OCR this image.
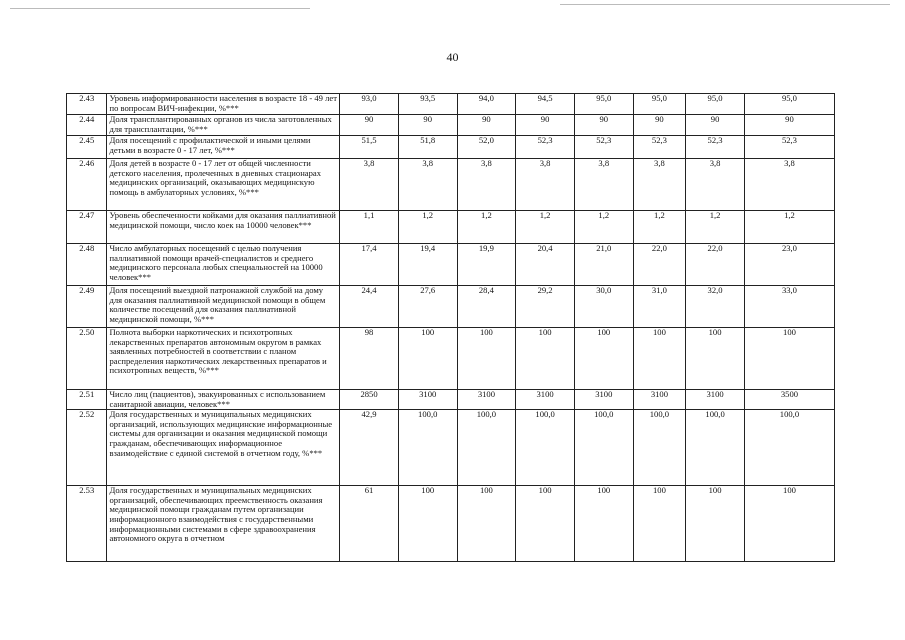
40
2.43	Уровень информированности населения в возрасте 18 - 49 лет по вопросам ВИЧ-инфекции, %***	93,0	93,5	94,0	94,5	95,0	95,0	95,0	95,0
2.44	Доля трансплантированных органов из числа заготовленных для трансплантации, %***	90	90	90	90	90	90	90	90
2.45	Доля посещений с профилактической и иными целями детьми в возрасте 0 - 17 лет, %***	51,5	51,8	52,0	52,3	52,3	52,3	52,3	52,3
2.46	Доля детей в возрасте 0 - 17 лет от общей численности детского населения, пролеченных в дневных стационарах медицинских организаций, оказывающих медицинскую помощь в амбулаторных условиях, %***	3,8	3,8	3,8	3,8	3,8	3,8	3,8	3,8
2.47	Уровень обеспеченности койками для оказания паллиативной медицинской помощи, число коек на 10000 человек***	1,1	1,2	1,2	1,2	1,2	1,2	1,2	1,2
2.48	Число амбулаторных посещений с целью получения паллиативной помощи врачей-специалистов и среднего медицинского персонала любых специальностей на 10000 человек***	17,4	19,4	19,9	20,4	21,0	22,0	22,0	23,0
2.49	Доля посещений выездной патронажной службой на дому для оказания паллиативной медицинской помощи в общем количестве посещений для оказания паллиативной медицинской помощи, %***	24,4	27,6	28,4	29,2	30,0	31,0	32,0	33,0
2.50	Полнота выборки наркотических и психотропных лекарственных препаратов автономным округом в рамках заявленных потребностей в соответствии с планом распределения наркотических лекарственных препаратов и психотропных веществ, %***	98	100	100	100	100	100	100	100
2.51	Число лиц (пациентов), эвакуированных с использованием санитарной авиации, человек***	2850	3100	3100	3100	3100	3100	3100	3500
2.52	Доля государственных и муниципальных медицинских организаций, использующих медицинские информационные системы для организации и оказания медицинской помощи гражданам, обеспечивающих информационное взаимодействие с единой системой в отчетном году, %***	42,9	100,0	100,0	100,0	100,0	100,0	100,0	100,0
2.53	Доля государственных и муниципальных медицинских организаций, обеспечивающих преемственность оказания медицинской помощи гражданам путем организации информационного взаимодействия с государственными информационными системами в сфере здравоохранения автономного округа в отчетном	61	100	100	100	100	100	100	100
